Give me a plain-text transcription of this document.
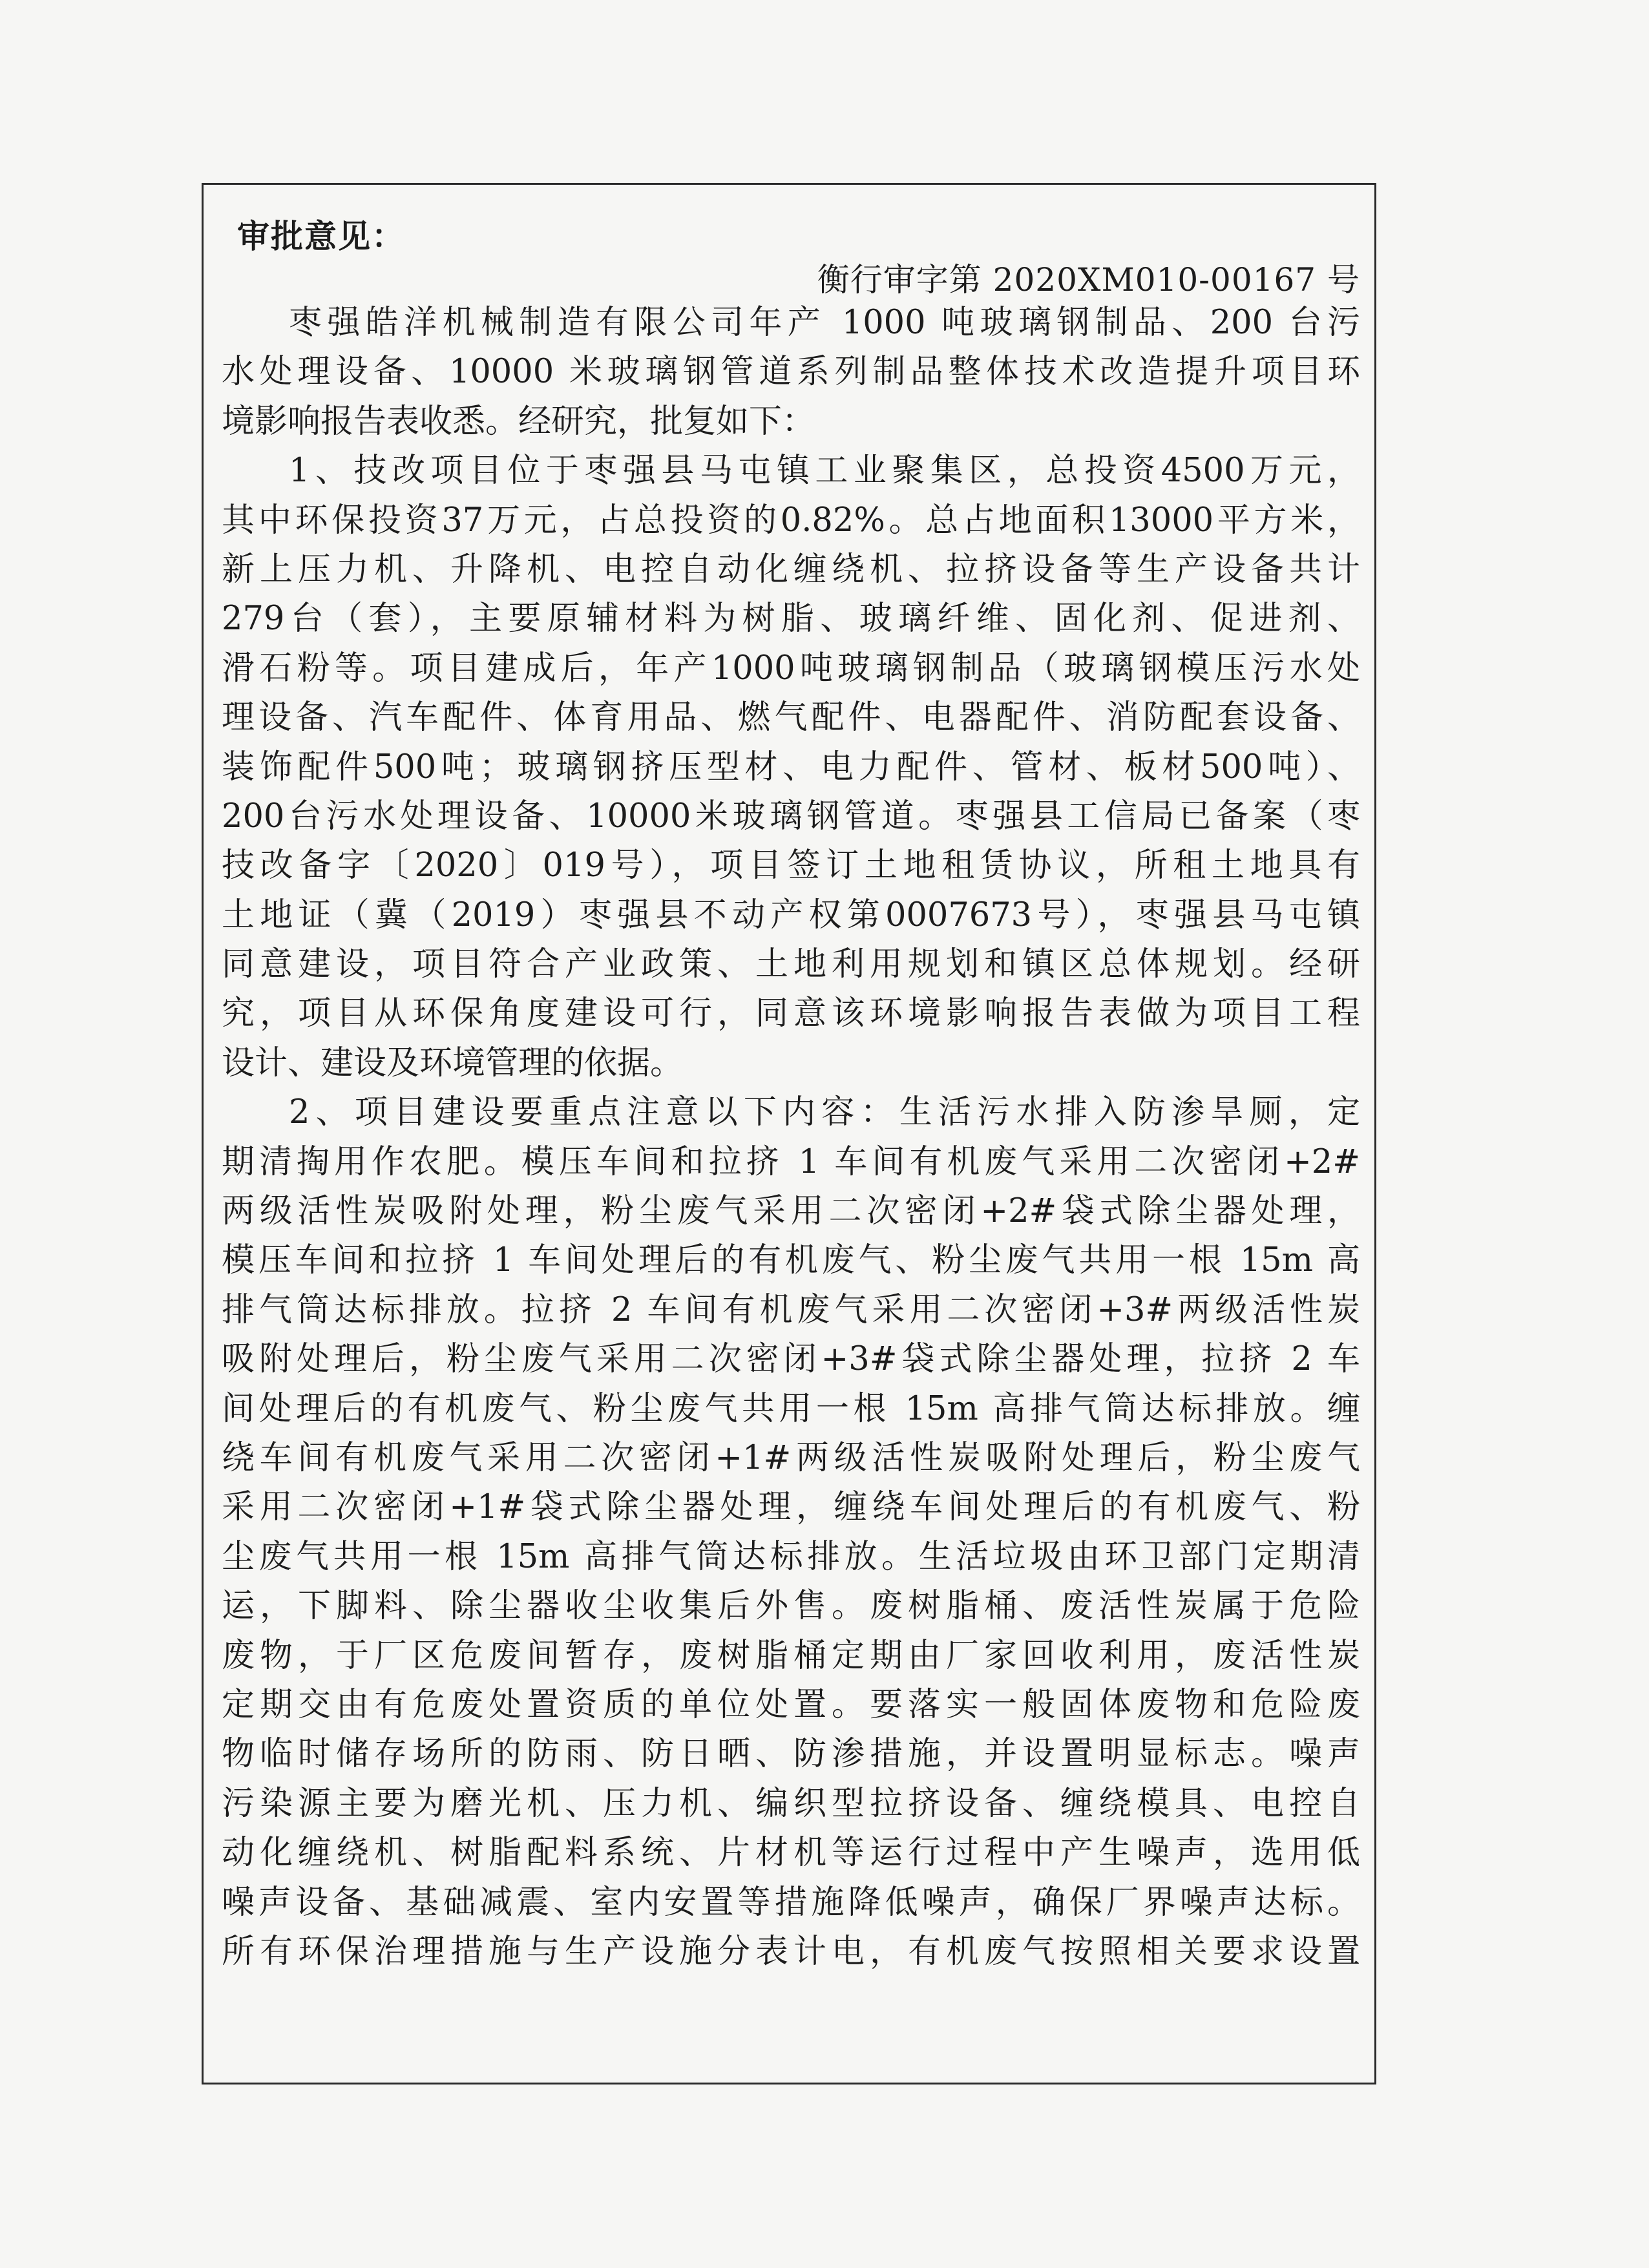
审批意见：
衡行审字第 2020XM010-00167 号
枣强皓洋机械制造有限公司年产 1000 吨玻璃钢制品、200 台污
水处理设备、10000 米玻璃钢管道系列制品整体技术改造提升项目环
境影响报告表收悉。经研究，批复如下：
1、技改项目位于枣强县马屯镇工业聚集区，总投资4500万元，
其中环保投资37万元，占总投资的0.82%。总占地面积13000平方米，
新上压力机、升降机、电控自动化缠绕机、拉挤设备等生产设备共计
279台（套），主要原辅材料为树脂、玻璃纤维、固化剂、促进剂、
滑石粉等。项目建成后，年产1000吨玻璃钢制品（玻璃钢模压污水处
理设备、汽车配件、体育用品、燃气配件、电器配件、消防配套设备、
装饰配件500吨；玻璃钢挤压型材、电力配件、管材、板材500吨）、
200台污水处理设备、10000米玻璃钢管道。枣强县工信局已备案（枣
技改备字〔2020〕019号），项目签订土地租赁协议，所租土地具有
土地证（冀（2019）枣强县不动产权第0007673号），枣强县马屯镇
同意建设，项目符合产业政策、土地利用规划和镇区总体规划。经研
究，项目从环保角度建设可行，同意该环境影响报告表做为项目工程
设计、建设及环境管理的依据。
2、项目建设要重点注意以下内容：生活污水排入防渗旱厕，定
期清掏用作农肥。模压车间和拉挤 1 车间有机废气采用二次密闭+2#
两级活性炭吸附处理，粉尘废气采用二次密闭+2#袋式除尘器处理，
模压车间和拉挤 1 车间处理后的有机废气、粉尘废气共用一根 15m 高
排气筒达标排放。拉挤 2 车间有机废气采用二次密闭+3#两级活性炭
吸附处理后，粉尘废气采用二次密闭+3#袋式除尘器处理，拉挤 2 车
间处理后的有机废气、粉尘废气共用一根 15m 高排气筒达标排放。缠
绕车间有机废气采用二次密闭+1#两级活性炭吸附处理后，粉尘废气
采用二次密闭+1#袋式除尘器处理，缠绕车间处理后的有机废气、粉
尘废气共用一根 15m 高排气筒达标排放。生活垃圾由环卫部门定期清
运，下脚料、除尘器收尘收集后外售。废树脂桶、废活性炭属于危险
废物，于厂区危废间暂存，废树脂桶定期由厂家回收利用，废活性炭
定期交由有危废处置资质的单位处置。要落实一般固体废物和危险废
物临时储存场所的防雨、防日晒、防渗措施，并设置明显标志。噪声
污染源主要为磨光机、压力机、编织型拉挤设备、缠绕模具、电控自
动化缠绕机、树脂配料系统、片材机等运行过程中产生噪声，选用低
噪声设备、基础减震、室内安置等措施降低噪声，确保厂界噪声达标。
所有环保治理措施与生产设施分表计电，有机废气按照相关要求设置
